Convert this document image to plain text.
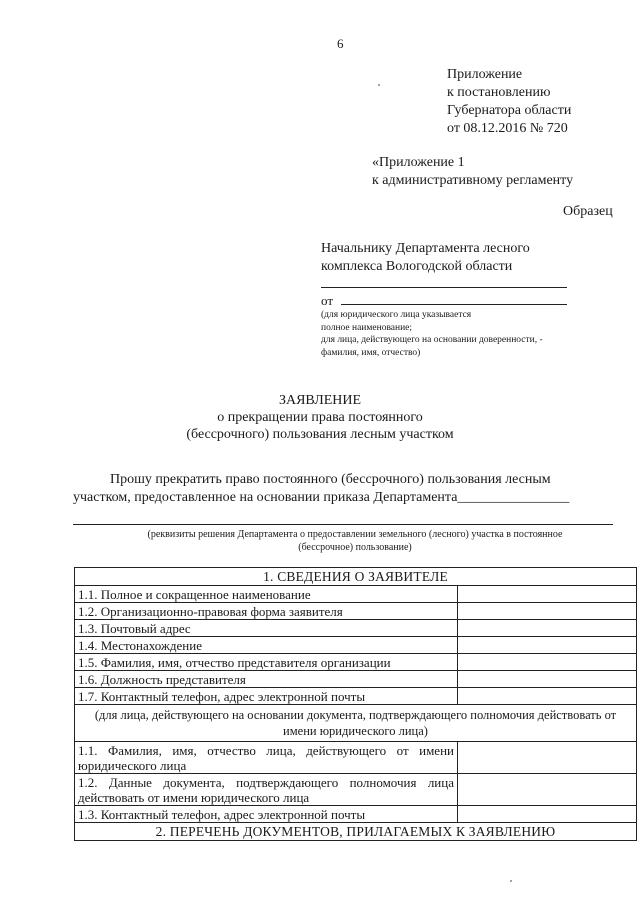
6
Приложение
к постановлению
Губернатора области
от 08.12.2016 № 720
«Приложение 1
к административному регламенту
Образец
Начальнику Департамента лесного
комплекса Вологодской области
от
(для юридического лица указывается
полное наименование;
для лица, действующего на основании доверенности, -
фамилия, имя, отчество)
ЗАЯВЛЕНИЕ
о прекращении права постоянного
(бессрочного) пользования лесным участком
Прошу прекратить право постоянного (бессрочного) пользования лесным
участком, предоставленное на основании приказа Департамента________________
(реквизиты решения Департамента о предоставлении земельного (лесного) участка в постоянное
(бессрочное) пользование)
1. СВЕДЕНИЯ О ЗАЯВИТЕЛЕ	
1.1. Полное и сокращенное наименование	
1.2. Организационно-правовая форма заявителя	
1.3. Почтовый адрес	
1.4. Местонахождение	
1.5. Фамилия, имя, отчество представителя организации	
1.6. Должность представителя	
1.7. Контактный телефон, адрес электронной почты	
(для лица, действующего на основании документа, подтверждающего полномочия действовать от имени юридического лица)	
1.1. Фамилия, имя, отчество лица, действующего от имени юридического лица	
1.2. Данные документа, подтверждающего полномочия лица действовать от имени юридического лица	
1.3. Контактный телефон, адрес электронной почты	
2. ПЕРЕЧЕНЬ ДОКУМЕНТОВ, ПРИЛАГАЕМЫХ К ЗАЯВЛЕНИЮ	
